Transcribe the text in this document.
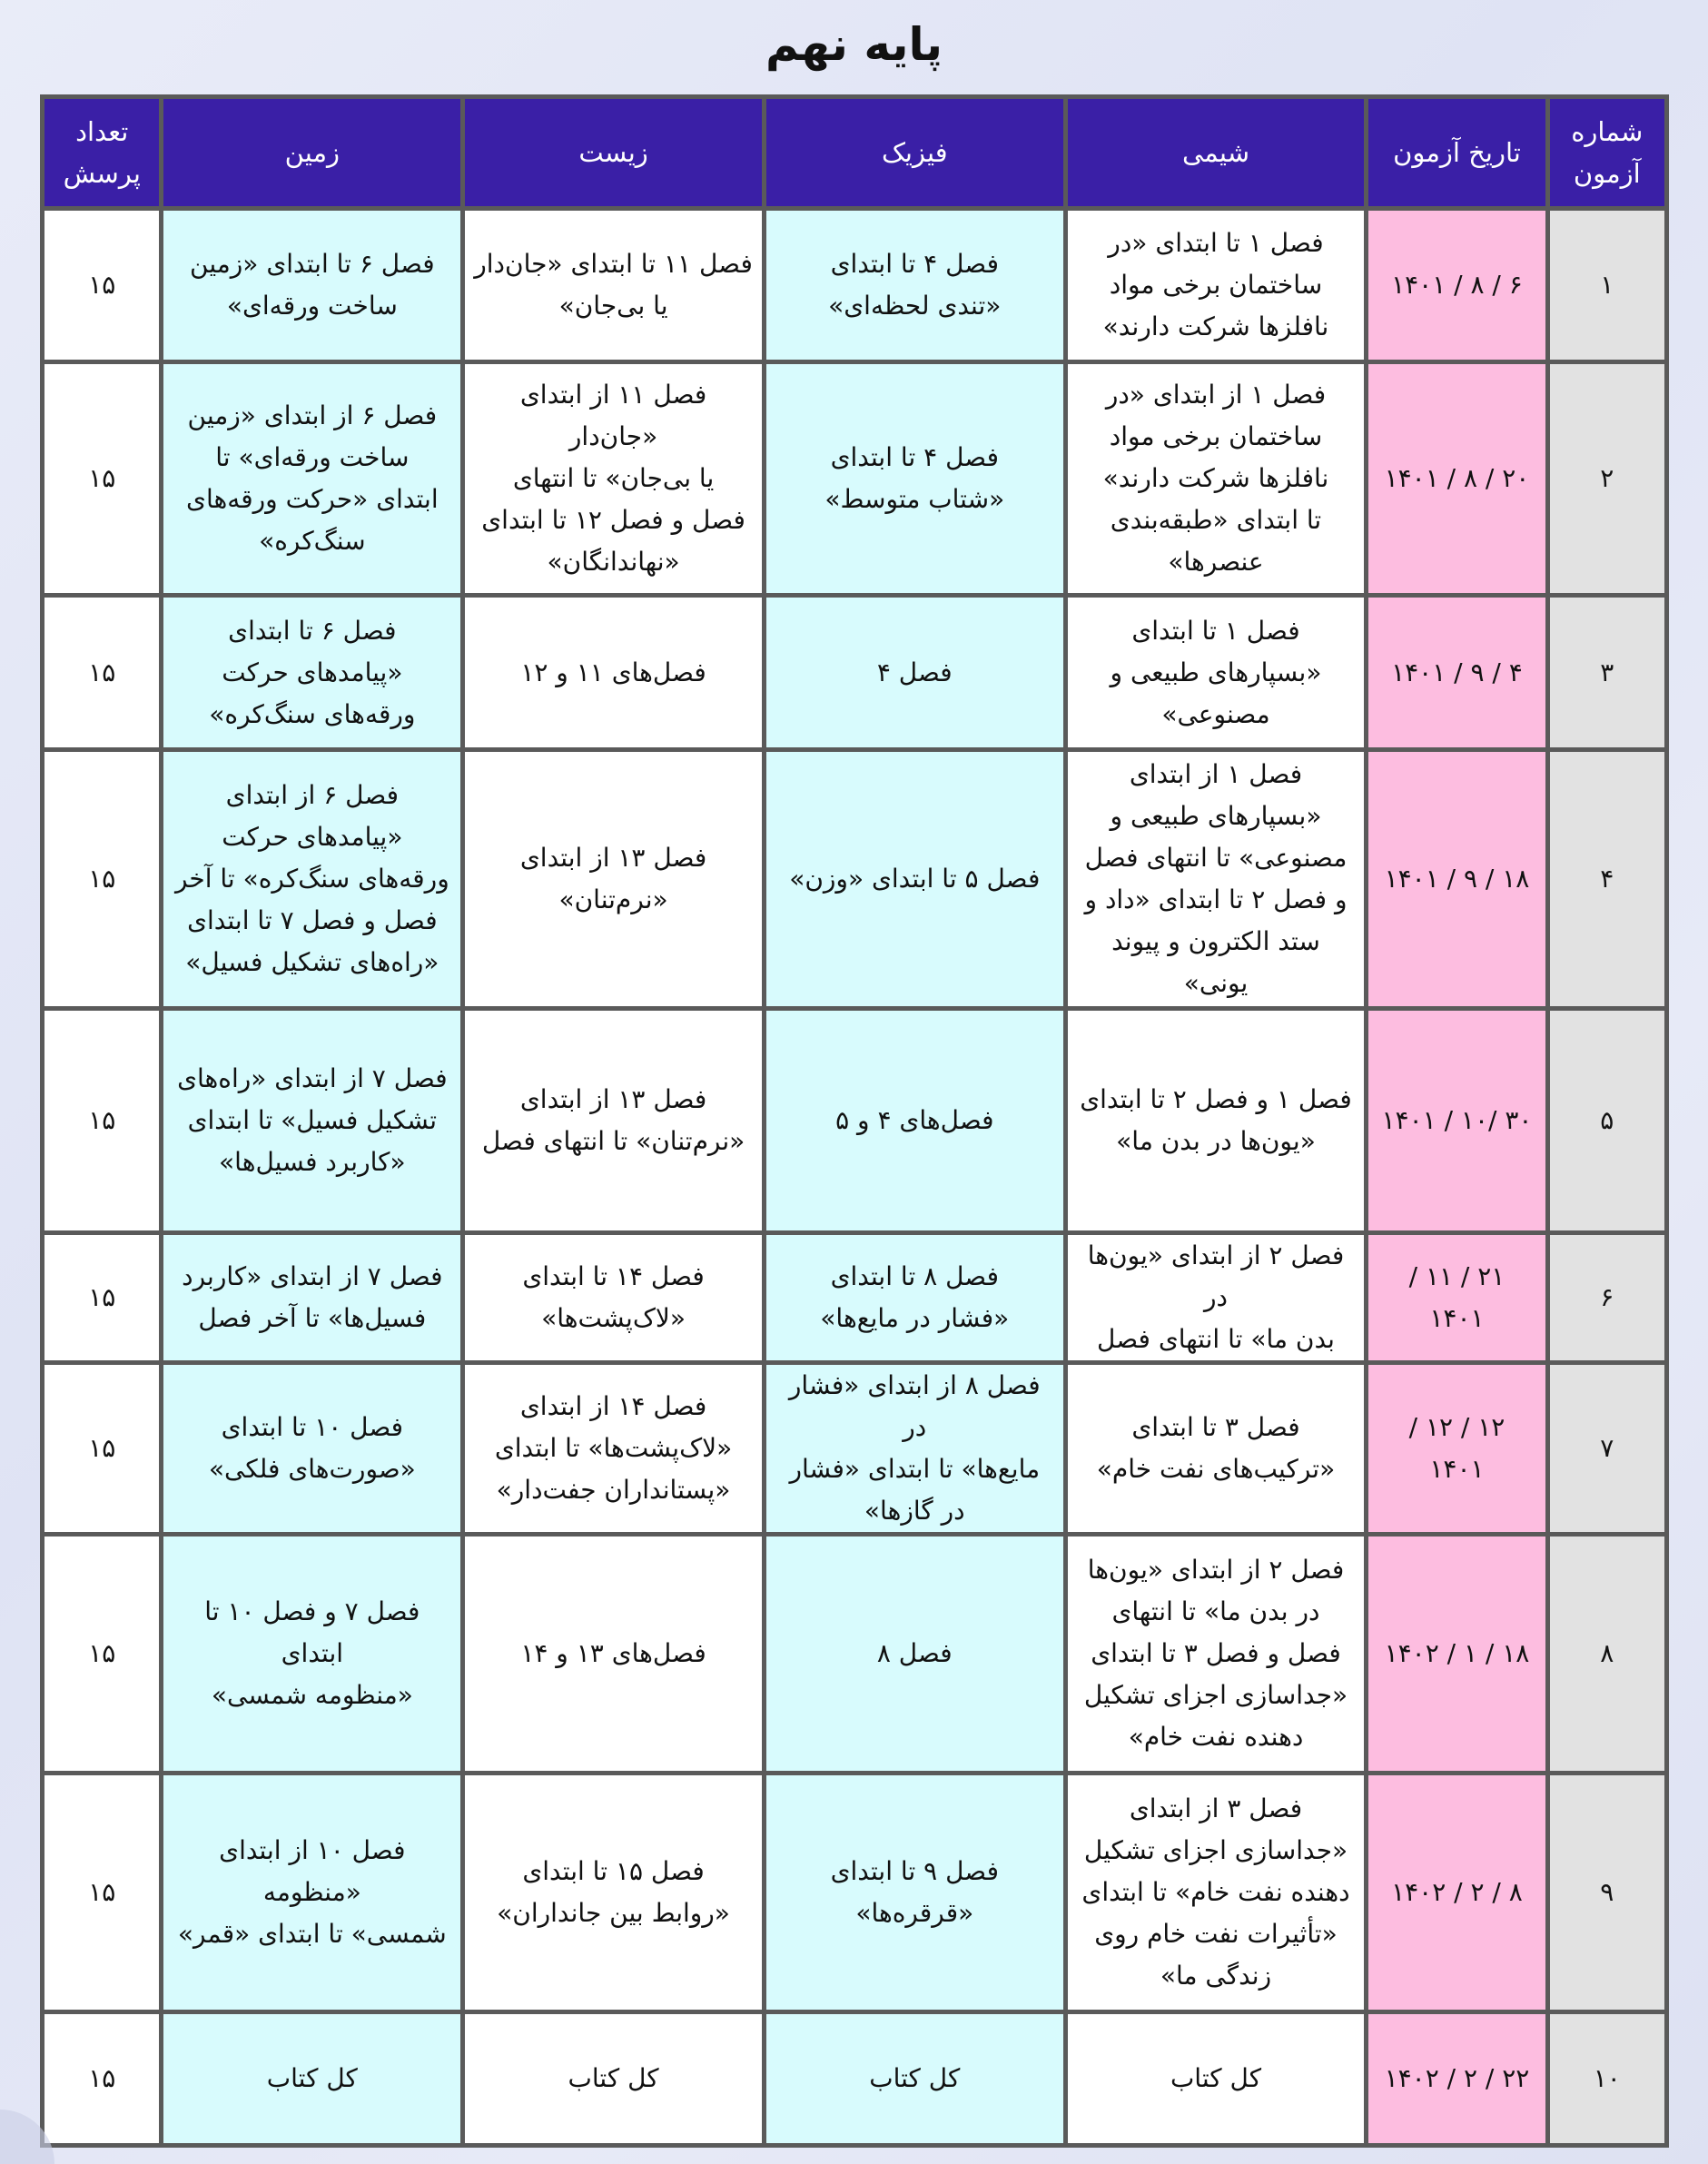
پایه نهم
شماره
آزمون	تاریخ آزمون	شیمی	فیزیک	زیست	زمین	تعداد
پرسش
۱	۶ / ۸ / ۱۴۰۱	فصل ۱ تا ابتدای «در
ساختمان برخی مواد
نافلزها شرکت دارند»	فصل ۴ تا ابتدای
«تندی لحظه‌ای»	فصل ۱۱ تا ابتدای «جان‌دار
یا بی‌جان»	فصل ۶ تا ابتدای «زمین
ساخت ورقه‌ای»	۱۵
۲	۲۰ / ۸ / ۱۴۰۱	فصل ۱ از ابتدای «در
ساختمان برخی مواد
نافلزها شرکت دارند»
تا ابتدای «طبقه‌بندی
عنصرها»	فصل ۴ تا ابتدای
«شتاب متوسط»	فصل ۱۱ از ابتدای «جان‌دار
یا بی‌جان» تا انتهای
فصل و فصل ۱۲ تا ابتدای
«نهاندانگان»	فصل ۶ از ابتدای «زمین
ساخت ورقه‌ای» تا
ابتدای «حرکت ورقه‌های
سنگ‌کره»	۱۵
۳	۴ / ۹ / ۱۴۰۱	فصل ۱ تا ابتدای
«بسپارهای طبیعی و
مصنوعی»	فصل ۴	فصل‌های ۱۱ و ۱۲	فصل ۶ تا ابتدای
«پیامدهای حرکت
ورقه‌های سنگ‌کره»	۱۵
۴	۱۸ / ۹ / ۱۴۰۱	فصل ۱ از ابتدای
«بسپارهای طبیعی و
مصنوعی» تا انتهای فصل
و فصل ۲ تا ابتدای «داد و
ستد الکترون و پیوند یونی»	فصل ۵ تا ابتدای «وزن»	فصل ۱۳ از ابتدای
«نرم‌تنان»	فصل ۶ از ابتدای
«پیامدهای حرکت
ورقه‌های سنگ‌کره» تا آخر
فصل و فصل ۷ تا ابتدای
«راه‌های تشکیل فسیل»	۱۵
۵	۳۰ /۱۰ / ۱۴۰۱	فصل ۱ و فصل ۲ تا ابتدای
«یون‌ها در بدن ما»	فصل‌های ۴ و ۵	فصل ۱۳ از ابتدای
«نرم‌تنان» تا انتهای فصل	فصل ۷ از ابتدای «راه‌های
تشکیل فسیل» تا ابتدای
«کاربرد فسیل‌ها»	۱۵
۶	۲۱ / ۱۱ / ۱۴۰۱	فصل ۲ از ابتدای «یون‌ها در
بدن ما» تا انتهای فصل	فصل ۸ تا ابتدای
«فشار در مایع‌ها»	فصل ۱۴ تا ابتدای
«لاک‌پشت‌ها»	فصل ۷ از ابتدای «کاربرد
فسیل‌ها» تا آخر فصل	۱۵
۷	۱۲ / ۱۲ / ۱۴۰۱	فصل ۳ تا ابتدای
«ترکیب‌های نفت خام»	فصل ۸ از ابتدای «فشار در
مایع‌ها» تا ابتدای «فشار
در گازها»	فصل ۱۴ از ابتدای
«لاک‌پشت‌ها» تا ابتدای
«پستانداران جفت‌دار»	فصل ۱۰ تا ابتدای
«صورت‌های فلکی»	۱۵
۸	۱۸ / ۱ / ۱۴۰۲	فصل ۲ از ابتدای «یون‌ها
در بدن ما» تا انتهای
فصل و فصل ۳ تا ابتدای
«جداسازی اجزای تشکیل
دهنده نفت خام»	فصل ۸	فصل‌های ۱۳ و ۱۴	فصل ۷ و فصل ۱۰ تا ابتدای
«منظومه شمسی»	۱۵
۹	۸ / ۲ / ۱۴۰۲	فصل ۳ از ابتدای
«جداسازی اجزای تشکیل
دهنده نفت خام» تا ابتدای
«تأثیرات نفت خام روی
زندگی ما»	فصل ۹ تا ابتدای
«قرقره‌ها»	فصل ۱۵ تا ابتدای
«روابط بین جانداران»	فصل ۱۰ از ابتدای «منظومه
شمسی» تا ابتدای «قمر»	۱۵
۱۰	۲۲ / ۲ / ۱۴۰۲	کل کتاب	کل کتاب	کل کتاب	کل کتاب	۱۵
